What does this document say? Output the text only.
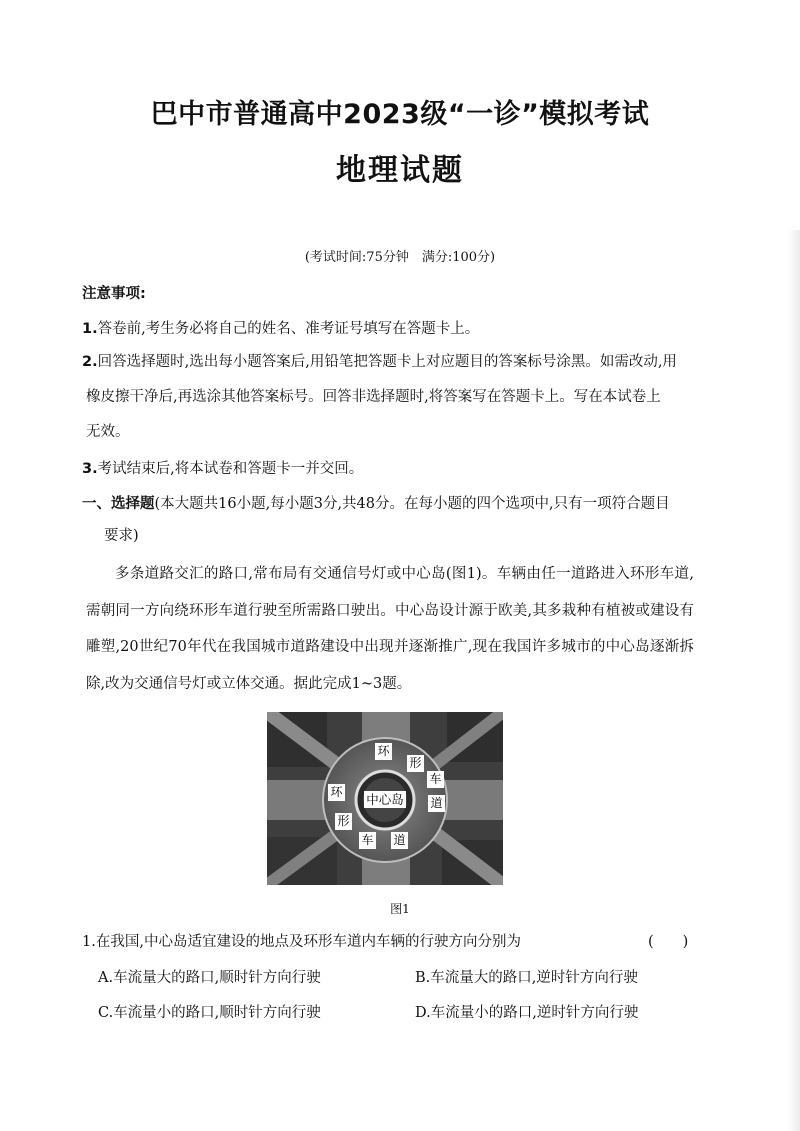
巴中市普通高中2023级“一诊”模拟考试
地理试题
(考试时间:75分钟　满分:100分)
注意事项:
1.答卷前,考生务必将自己的姓名、准考证号填写在答题卡上。
2.回答选择题时,选出每小题答案后,用铅笔把答题卡上对应题目的答案标号涂黑。如需改动,用
橡皮擦干净后,再选涂其他答案标号。回答非选择题时,将答案写在答题卡上。写在本试卷上
无效。
3.考试结束后,将本试卷和答题卡一并交回。
一、选择题(本大题共16小题,每小题3分,共48分。在每小题的四个选项中,只有一项符合题目
要求)
多条道路交汇的路口,常布局有交通信号灯或中心岛(图1)。车辆由任一道路进入环形车道,需朝同一方向绕环形车道行驶至所需路口驶出。中心岛设计源于欧美,其多栽种有植被或建设有雕塑,20世纪70年代在我国城市道路建设中出现并逐渐推广,现在我国许多城市的中心岛逐渐拆除,改为交通信号灯或立体交通。据此完成1~3题。
中心岛
环
形
车
道
环
形
车 道
图1
1.在我国,中心岛适宜建设的地点及环形车道内车辆的行驶方向分别为	(　　)
A.车流量大的路口,顺时针方向行驶	B.车流量大的路口,逆时针方向行驶
C.车流量小的路口,顺时针方向行驶	D.车流量小的路口,逆时针方向行驶
